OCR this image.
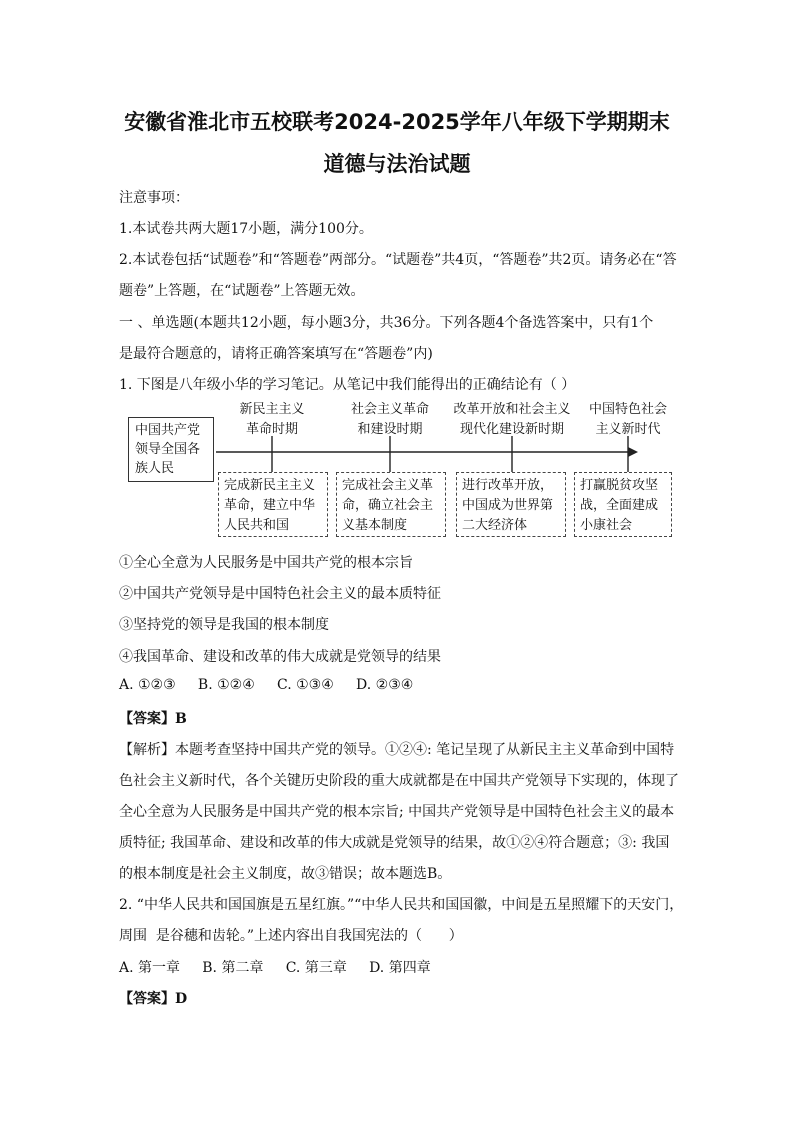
安徽省淮北市五校联考2024-2025学年八年级下学期期末
道德与法治试题
注意事项：
1.本试卷共两大题17小题，满分100分。
2.本试卷包括“试题卷”和“答题卷”两部分。“试题卷”共4页，“答题卷”共2页。请务必在“答
题卷”上答题，在“试题卷”上答题无效。
一 、单选题(本题共12小题，每小题3分，共36分。下列各题4个备选答案中，只有1个
是最符合题意的，请将正确答案填写在“答题卷”内)
1. 下图是八年级小华的学习笔记。从笔记中我们能得出的正确结论有（ ）
中国共产党
领导全国各
族人民
新民主主义
革命时期
社会主义革命
和建设时期
改革开放和社会主义
现代化建设新时期
中国特色社会
主义新时代
完成新民主主义
革命，建立中华
人民共和国
完成社会主义革
命，确立社会主
义基本制度
进行改革开放，
中国成为世界第
二大经济体
打赢脱贫攻坚
战，全面建成
小康社会
①全心全意为人民服务是中国共产党的根本宗旨
②中国共产党领导是中国特色社会主义的最本质特征
③坚持党的领导是我国的根本制度
④我国革命、建设和改革的伟大成就是党领导的结果
A. ①②③     B. ①②④     C. ①③④     D. ②③④
【答案】B
【解析】本题考查坚持中国共产党的领导。①②④: 笔记呈现了从新民主主义革命到中国特
色社会主义新时代，各个关键历史阶段的重大成就都是在中国共产党领导下实现的，体现了
全心全意为人民服务是中国共产党的根本宗旨; 中国共产党领导是中国特色社会主义的最本
质特征; 我国革命、建设和改革的伟大成就是党领导的结果，故①②④符合题意；③: 我国
的根本制度是社会主义制度，故③错误；故本题选B。
2. “中华人民共和国国旗是五星红旗。”“中华人民共和国国徽，中间是五星照耀下的天安门，
周围  是谷穗和齿轮。”上述内容出自我国宪法的（      ）
A. 第一章     B. 第二章     C. 第三章     D. 第四章
【答案】D
